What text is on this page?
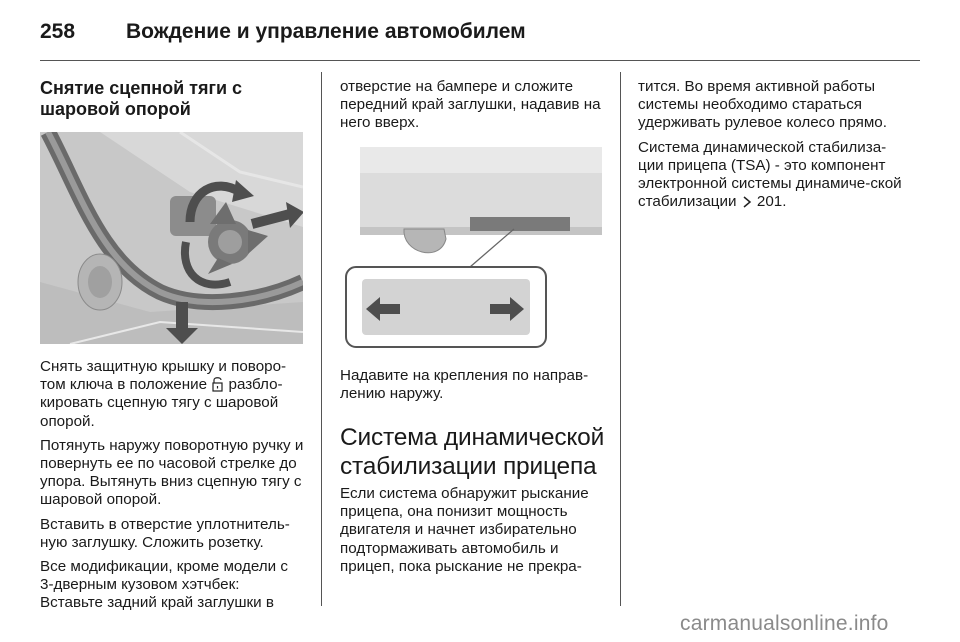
258 Вождение и управление автомобилем
Снятие сцепной тяги с
шаровой опорой

Снять защитную крышку и поворо-том ключа в положение разбло-кировать сцепную тягу с шаровой опорой.

Потянуть наружу поворотную ручку и повернуть ее по часовой стрелке до упора. Вытянуть вниз сцепную тягу с шаровой опорой.

Вставить в отверстие уплотнитель-ную заглушку. Сложить розетку.

Все модификации, кроме модели с 3-дверным кузовом хэтчбек: Вставьте задний край заглушки в

отверстие на бампере и сложите передний край заглушки, надавив на него вверх.

Надавите на крепления по направ-лению наружу.

Система динамической стабилизации прицепа

Если система обнаружит рыскание прицепа, она понизит мощность двигателя и начнет избирательно подтормаживать автомобиль и прицеп, пока рыскание не прекра-

тится. Во время активной работы системы необходимо стараться удерживать рулевое колесо прямо.

Система динамической стабилиза-ции прицепа (TSA) - это компонент электронной системы динамиче-ской стабилизации 201.

carmanualsonline.info
